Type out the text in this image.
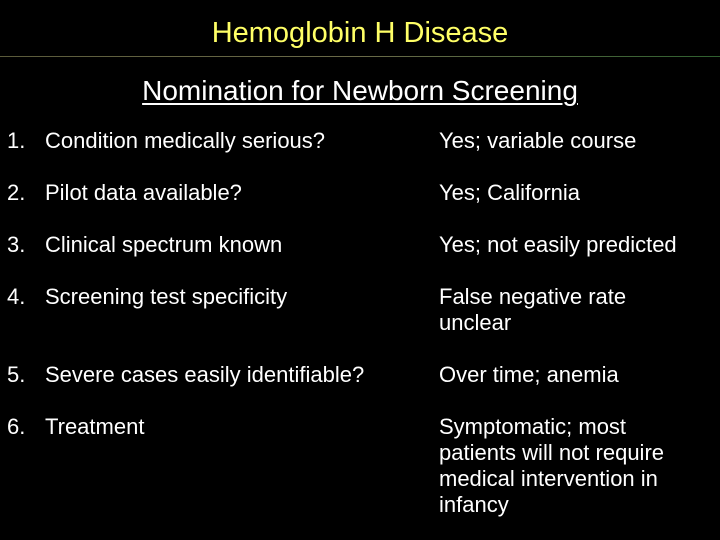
Hemoglobin H Disease
Nomination for Newborn Screening
1. Condition medically serious?	Yes; variable course
2. Pilot data available?	Yes; California
3. Clinical spectrum known	Yes; not easily predicted
4. Screening test specificity	False negative rate unclear
5. Severe cases easily identifiable?	Over time; anemia
6. Treatment	Symptomatic; most patients will not require medical intervention in infancy
